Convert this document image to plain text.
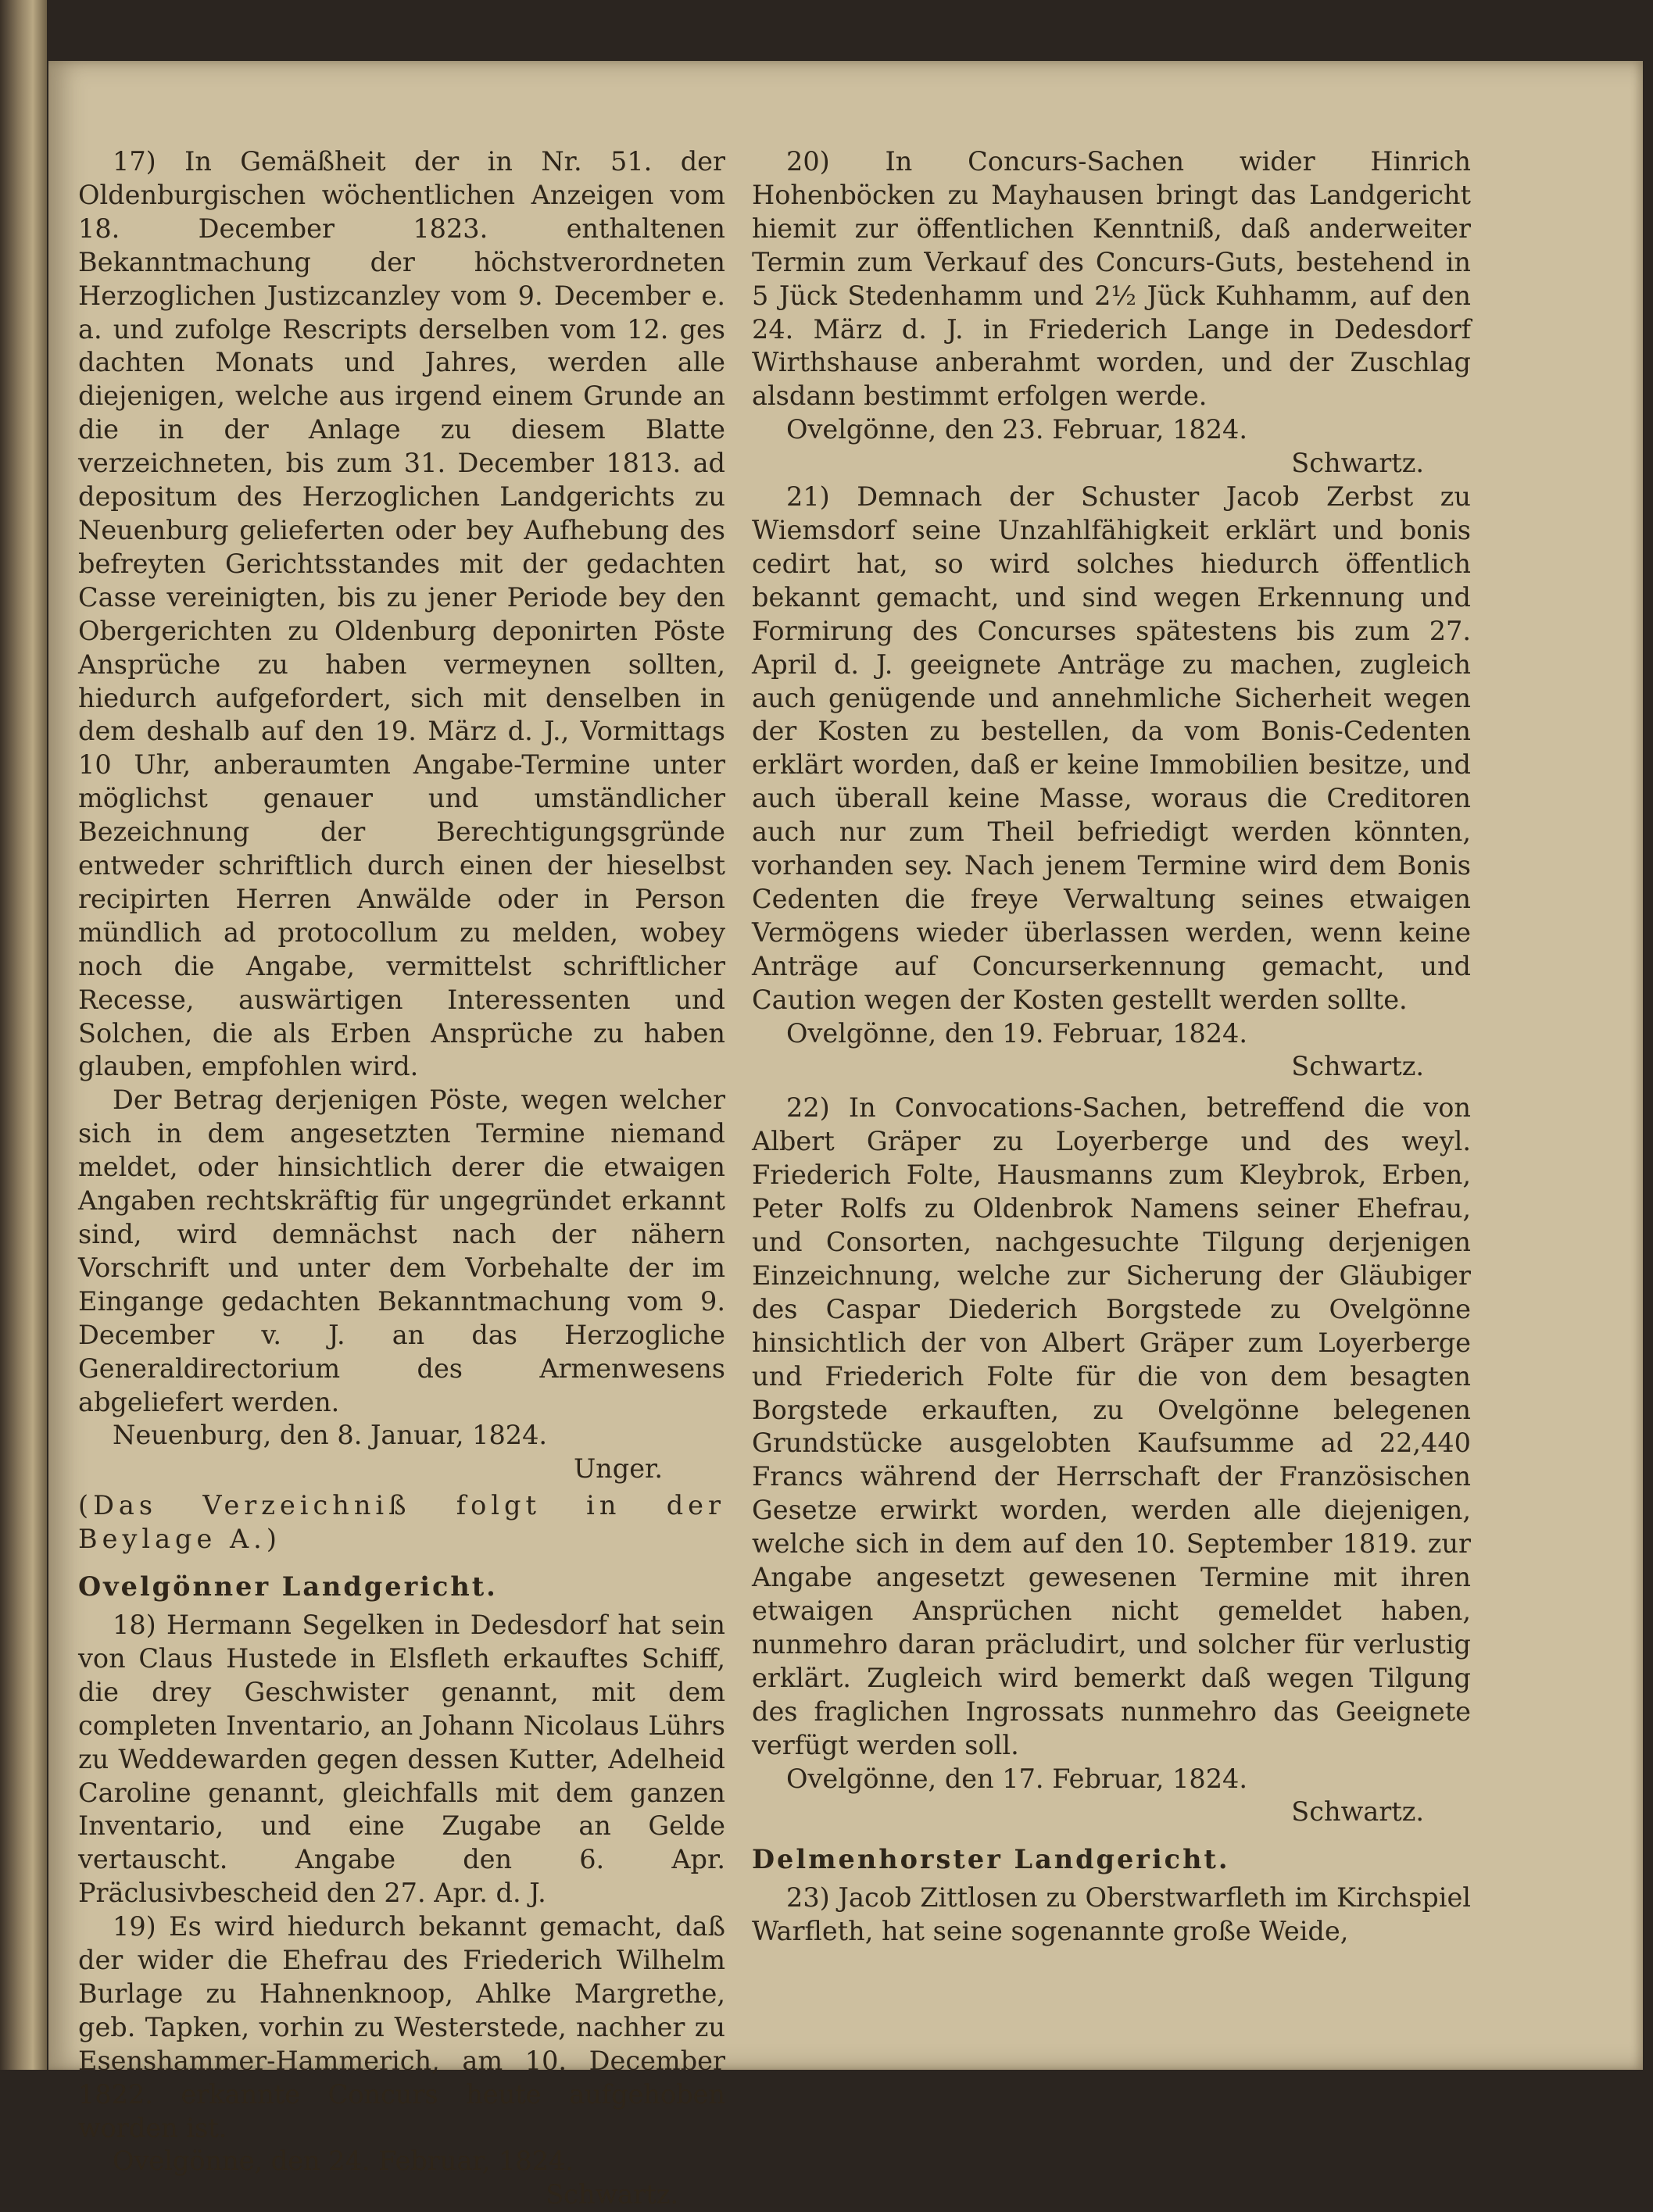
17) In Gemäßheit der in Nr. 51. der Oldenburgischen wöchentlichen Anzeigen vom 18. December 1823. enthaltenen Bekanntmachung der höchstverordneten Herzoglichen Justizcanzley vom 9. December e. a. und zufolge Rescripts derselben vom 12. ges dachten Monats und Jahres, werden alle diejenigen, welche aus irgend einem Grunde an die in der Anlage zu diesem Blatte verzeichneten, bis zum 31. December 1813. ad depositum des Herzoglichen Landgerichts zu Neuenburg gelieferten oder bey Aufhebung des befreyten Gerichtsstandes mit der gedachten Casse vereinigten, bis zu jener Periode bey den Obergerichten zu Oldenburg deponirten Pöste Ansprüche zu haben vermeynen sollten, hiedurch aufgefordert, sich mit denselben in dem deshalb auf den 19. März d. J., Vormittags 10 Uhr, anberaumten Angabe-Termine unter möglichst genauer und umständlicher Bezeichnung der Berechtigungsgründe entweder schriftlich durch einen der hieselbst recipirten Herren Anwälde oder in Person mündlich ad protocollum zu melden, wobey noch die Angabe, vermittelst schriftlicher Recesse, auswärtigen Interessenten und Solchen, die als Erben Ansprüche zu haben glauben, empfohlen wird.

Der Betrag derjenigen Pöste, wegen welcher sich in dem angesetzten Termine niemand meldet, oder hinsichtlich derer die etwaigen Angaben rechtskräftig für ungegründet erkannt sind, wird demnächst nach der nähern Vorschrift und unter dem Vorbehalte der im Eingange gedachten Bekanntmachung vom 9. December v. J. an das Herzogliche Generaldirectorium des Armenwesens abgeliefert werden.

Neuenburg, den 8. Januar, 1824.

Unger.

(Das Verzeichniß folgt in der Beylage A.)

Ovelgönner Landgericht.

18) Hermann Segelken in Dedesdorf hat sein von Claus Hustede in Elsfleth erkauftes Schiff, die drey Geschwister genannt, mit dem completen Inventario, an Johann Nicolaus Lührs zu Weddewarden gegen dessen Kutter, Adelheid Caroline genannt, gleichfalls mit dem ganzen Inventario, und eine Zugabe an Gelde vertauscht. Angabe den 6. Apr. Präclusivbescheid den 27. Apr. d. J.

19) Es wird hiedurch bekannt gemacht, daß der wider die Ehefrau des Friederich Wilhelm Burlage zu Hahnenknoop, Ahlke Margrethe, geb. Tapken, vorhin zu Westerstede, nachher zu Esenshammer-Hammerich, am 10. December 1822. erkannte Concurs heute aufgehoben worden ist.

Ovelgönne, den 24. Februar, 1824.

Schwartz.

20) In Concurs-Sachen wider Hinrich Hohenböcken zu Mayhausen bringt das Landgericht hiemit zur öffentlichen Kenntniß, daß anderweiter Termin zum Verkauf des Concurs-Guts, bestehend in 5 Jück Stedenhamm und 2½ Jück Kuhhamm, auf den 24. März d. J. in Friederich Lange in Dedesdorf Wirthshause anberahmt worden, und der Zuschlag alsdann bestimmt erfolgen werde.

Ovelgönne, den 23. Februar, 1824.

Schwartz.

21) Demnach der Schuster Jacob Zerbst zu Wiemsdorf seine Unzahlfähigkeit erklärt und bonis cedirt hat, so wird solches hiedurch öffentlich bekannt gemacht, und sind wegen Erkennung und Formirung des Concurses spätestens bis zum 27. April d. J. geeignete Anträge zu machen, zugleich auch genügende und annehmliche Sicherheit wegen der Kosten zu bestellen, da vom Bonis-Cedenten erklärt worden, daß er keine Immobilien besitze, und auch überall keine Masse, woraus die Creditoren auch nur zum Theil befriedigt werden könnten, vorhanden sey. Nach jenem Termine wird dem Bonis Cedenten die freye Verwaltung seines etwaigen Vermögens wieder überlassen werden, wenn keine Anträge auf Concurserkennung gemacht, und Caution wegen der Kosten gestellt werden sollte.

Ovelgönne, den 19. Februar, 1824.

Schwartz.

22) In Convocations-Sachen, betreffend die von Albert Gräper zu Loyerberge und des weyl. Friederich Folte, Hausmanns zum Kleybrok, Erben, Peter Rolfs zu Oldenbrok Namens seiner Ehefrau, und Consorten, nachgesuchte Tilgung derjenigen Einzeichnung, welche zur Sicherung der Gläubiger des Caspar Diederich Borgstede zu Ovelgönne hinsichtlich der von Albert Gräper zum Loyerberge und Friederich Folte für die von dem besagten Borgstede erkauften, zu Ovelgönne belegenen Grundstücke ausgelobten Kaufsumme ad 22,440 Francs während der Herrschaft der Französischen Gesetze erwirkt worden, werden alle diejenigen, welche sich in dem auf den 10. September 1819. zur Angabe angesetzt gewesenen Termine mit ihren etwaigen Ansprüchen nicht gemeldet haben, nunmehro daran präcludirt, und solcher für verlustig erklärt. Zugleich wird bemerkt daß wegen Tilgung des fraglichen Ingrossats nunmehro das Geeignete verfügt werden soll.

Ovelgönne, den 17. Februar, 1824.

Schwartz.

Delmenhorster Landgericht.

23) Jacob Zittlosen zu Oberstwarfleth im Kirchspiel Warfleth, hat seine sogenannte große Weide,
